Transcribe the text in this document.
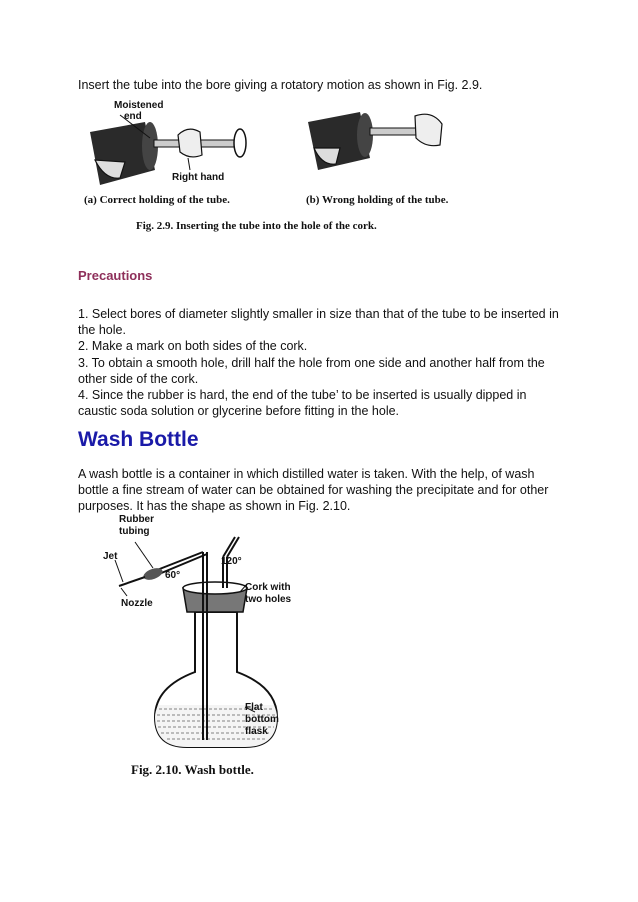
Insert the tube into the bore giving a rotatory motion as shown in Fig. 2.9.
Moistened
end
Right hand
(a) Correct holding of the tube.	(b) Wrong holding of the tube.
Fig. 2.9. Inserting the tube into the hole of the cork.
Precautions

1. Select bores of diameter slightly smaller in size than that of the tube to be inserted in the hole.

2. Make a mark on both sides of the cork.

3. To obtain a smooth hole, drill half the hole from one side and another half from the other side of the cork.

4. Since the rubber is hard, the end of the tube’ to be inserted is usually dipped in caustic soda solution or glycerine before fitting in the hole.

Wash Bottle
A wash bottle is a container in which distilled water is taken. With the help, of wash bottle a fine stream of water can be obtained for washing the precipitate and for other purposes. It has the shape as shown in Fig. 2.10.
Rubber
tubing
Jet
60°
120°
Cork with
two holes
Nozzle
Flat
bottom
flask
Fig. 2.10. Wash bottle.
